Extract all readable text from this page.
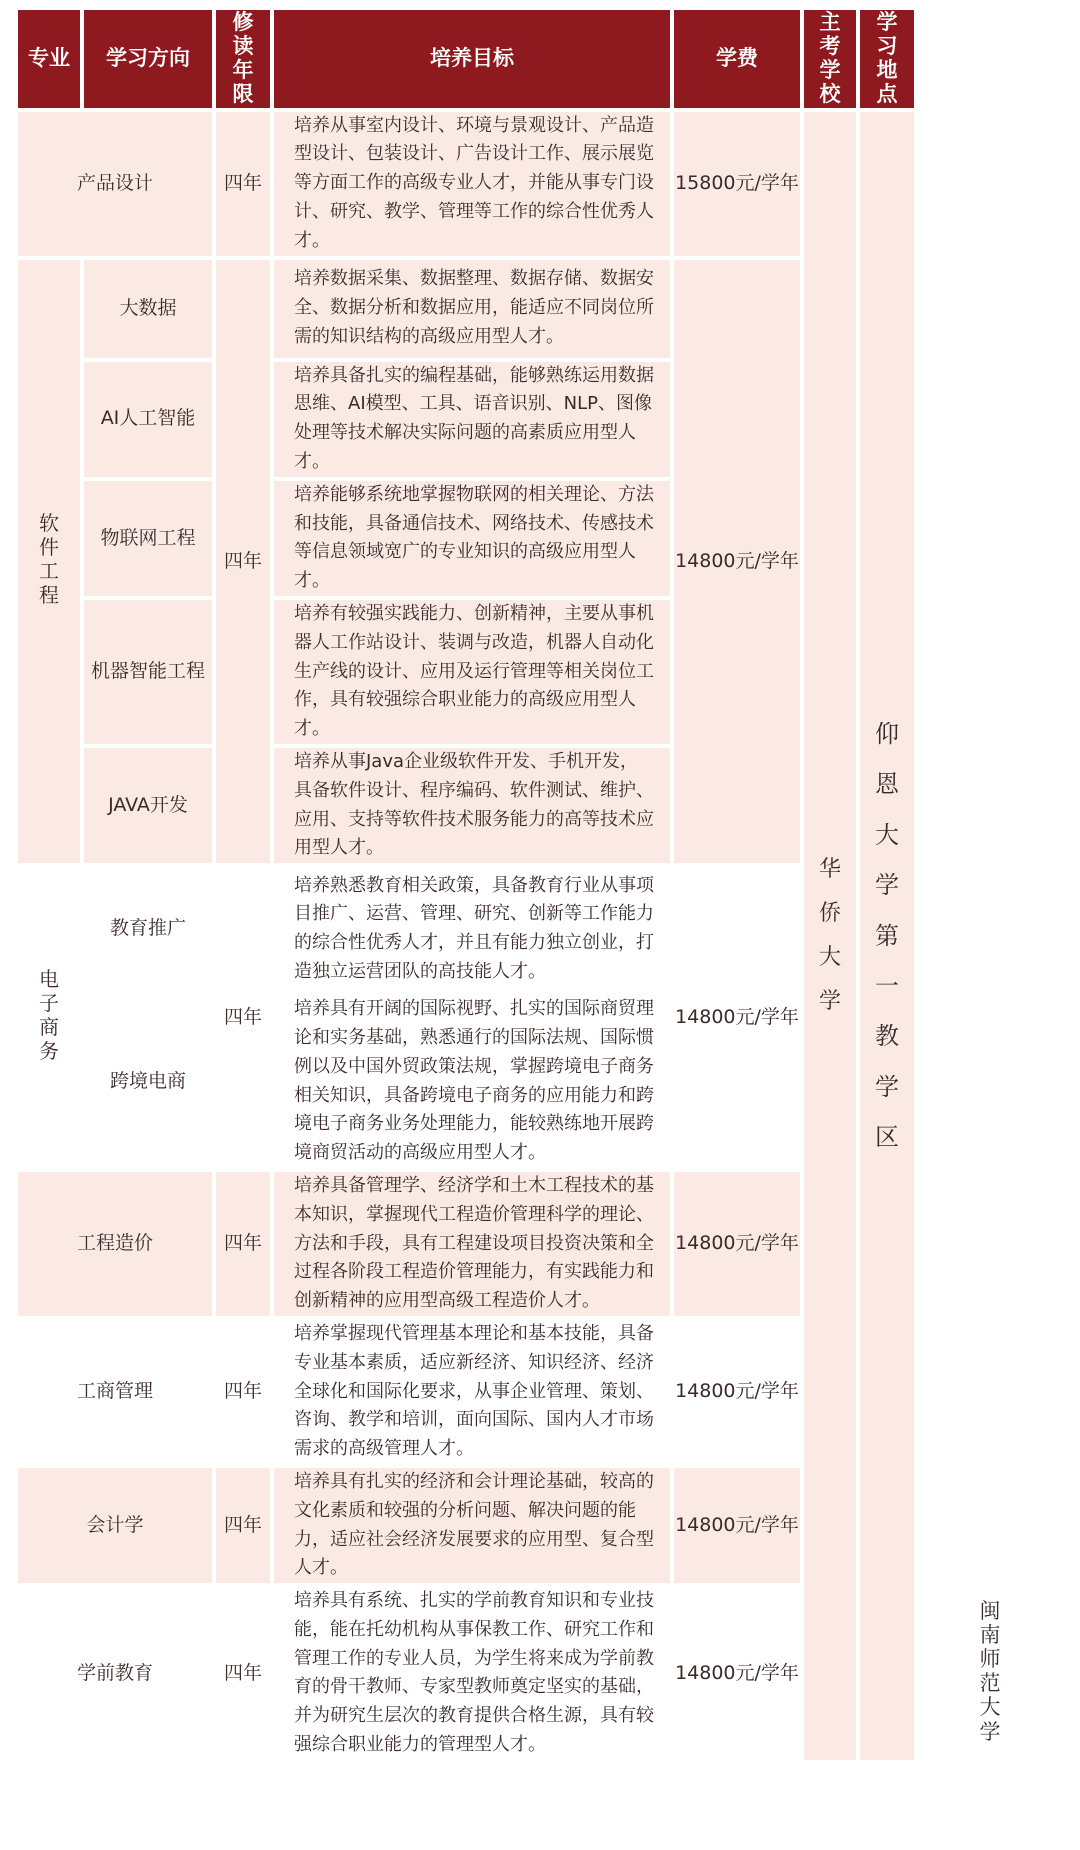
专业	学习方向	修读年限	培养目标	学费	主考学校	学习地点	
产品设计		四年	培养从事室内设计、环境与景观设计、产品造型设计、包装设计、广告设计工作、展示展览等方面工作的高级专业人才，并能从事专门设计、研究、教学、管理等工作的综合性优秀人才。	15800元/学年	华侨大学	仰恩大学第一教学区	
软件工程	大数据	四年	培养数据采集、数据整理、数据存储、数据安全、数据分析和数据应用，能适应不同岗位所需的知识结构的高级应用型人才。	14800元/学年			
	AI人工智能		培养具备扎实的编程基础，能够熟练运用数据思维、AI模型、工具、语音识别、NLP、图像处理等技术解决实际问题的高素质应用型人才。				
	物联网工程		培养能够系统地掌握物联网的相关理论、方法和技能，具备通信技术、网络技术、传感技术等信息领域宽广的专业知识的高级应用型人才。				
	机器智能工程		培养有较强实践能力、创新精神，主要从事机器人工作站设计、装调与改造，机器人自动化生产线的设计、应用及运行管理等相关岗位工作，具有较强综合职业能力的高级应用型人才。				
	JAVA开发		培养从事Java企业级软件开发、手机开发，具备软件设计、程序编码、软件测试、维护、应用、支持等软件技术服务能力的高等技术应用型人才。				
电子商务	教育推广	四年	培养熟悉教育相关政策，具备教育行业从事项目推广、运营、管理、研究、创新等工作能力的综合性优秀人才，并且有能力独立创业，打造独立运营团队的高技能人才。	14800元/学年			
	跨境电商		培养具有开阔的国际视野、扎实的国际商贸理论和实务基础，熟悉通行的国际法规、国际惯例以及中国外贸政策法规，掌握跨境电子商务相关知识，具备跨境电子商务的应用能力和跨境电子商务业务处理能力，能较熟练地开展跨境商贸活动的高级应用型人才。				
工程造价		四年	培养具备管理学、经济学和土木工程技术的基本知识，掌握现代工程造价管理科学的理论、方法和手段，具有工程建设项目投资决策和全过程各阶段工程造价管理能力，有实践能力和创新精神的应用型高级工程造价人才。	14800元/学年			
工商管理		四年	培养掌握现代管理基本理论和基本技能，具备专业基本素质，适应新经济、知识经济、经济全球化和国际化要求，从事企业管理、策划、咨询、教学和培训，面向国际、国内人才市场需求的高级管理人才。	14800元/学年			
会计学		四年	培养具有扎实的经济和会计理论基础，较高的文化素质和较强的分析问题、解决问题的能力，适应社会经济发展要求的应用型、复合型人才。	14800元/学年			
学前教育		四年	培养具有系统、扎实的学前教育知识和专业技能，能在托幼机构从事保教工作、研究工作和管理工作的专业人员，为学生将来成为学前教育的骨干教师、专家型教师奠定坚实的基础，并为研究生层次的教育提供合格生源，具有较强综合职业能力的管理型人才。	14800元/学年			闽南师范大学
